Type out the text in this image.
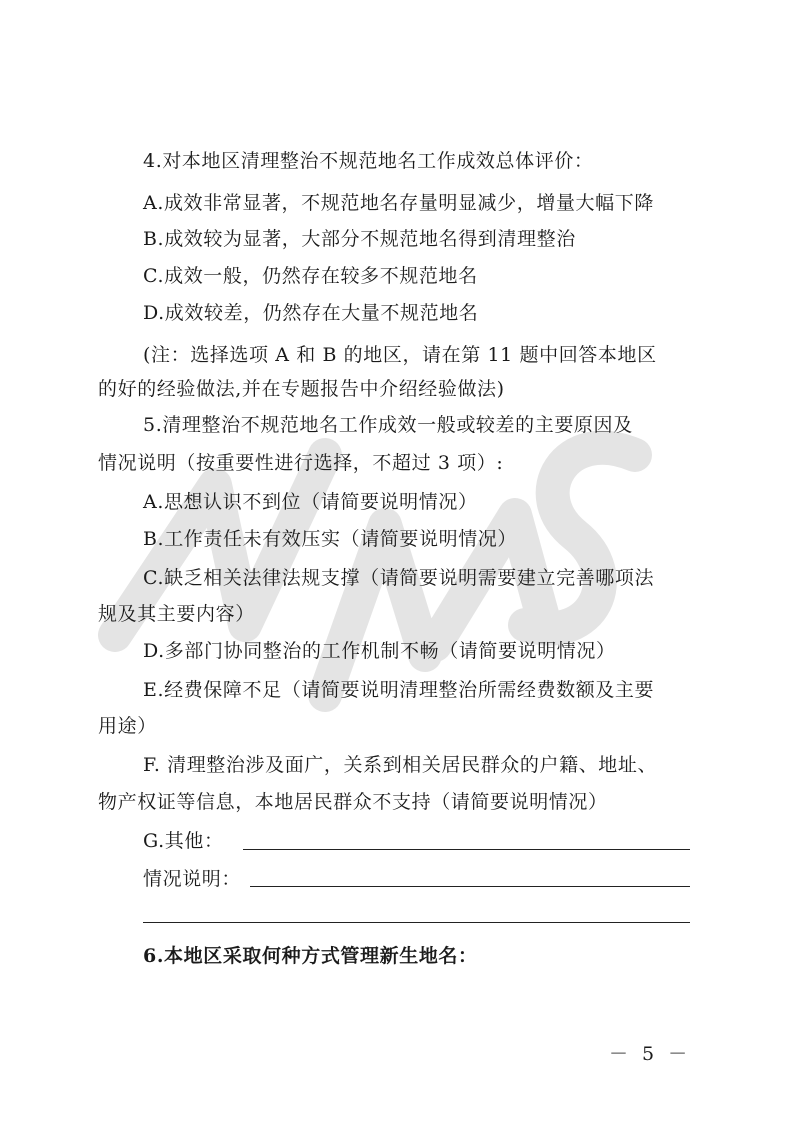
4.对本地区清理整治不规范地名工作成效总体评价：
A.成效非常显著，不规范地名存量明显减少，增量大幅下降
B.成效较为显著，大部分不规范地名得到清理整治
C.成效一般，仍然存在较多不规范地名
D.成效较差，仍然存在大量不规范地名
(注：选择选项 A 和 B 的地区，请在第 11 题中回答本地区
的好的经验做法,并在专题报告中介绍经验做法)
5.清理整治不规范地名工作成效一般或较差的主要原因及
情况说明（按重要性进行选择，不超过 3 项）:
A.思想认识不到位（请简要说明情况）
B.工作责任未有效压实（请简要说明情况）
C.缺乏相关法律法规支撑（请简要说明需要建立完善哪项法
规及其主要内容）
D.多部门协同整治的工作机制不畅（请简要说明情况）
E.经费保障不足（请简要说明清理整治所需经费数额及主要
用途）
F. 清理整治涉及面广，关系到相关居民群众的户籍、地址、
物产权证等信息，本地居民群众不支持（请简要说明情况）
G.其他：
情况说明：
6.本地区采取何种方式管理新生地名：
－ 5 －
